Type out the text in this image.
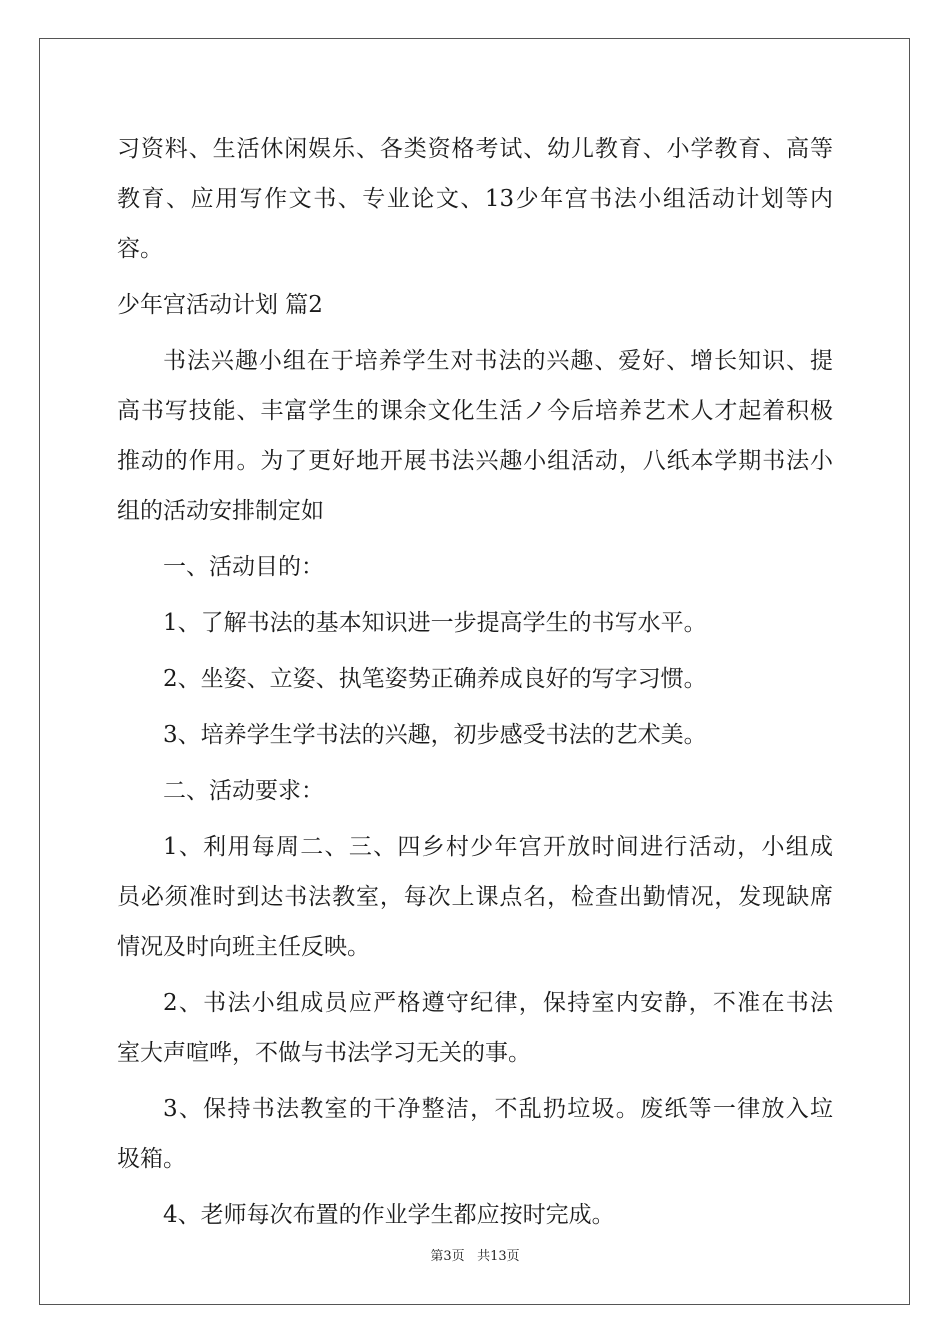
习资料、生活休闲娱乐、各类资格考试、幼儿教育、小学教育、高等
教育、应用写作文书、专业论文、13少年宫书法小组活动计划等内
容。
少年宫活动计划 篇2
书法兴趣小组在于培养学生对书法的兴趣、爱好、增长知识、提
高书写技能、丰富学生的课余文化生活ノ今后培养艺术人才起着积极
推动的作用。为了更好地开展书法兴趣小组活动，八纸本学期书法小
组的活动安排制定如
一、活动目的：
1、了解书法的基本知识进一步提高学生的书写水平。
2、坐姿、立姿、执笔姿势正确养成良好的写字习惯。
3、培养学生学书法的兴趣，初步感受书法的艺术美。
二、活动要求：
1、利用每周二、三、四乡村少年宫开放时间进行活动，小组成
员必须准时到达书法教室，每次上课点名，检查出勤情况，发现缺席
情况及时向班主任反映。
2、书法小组成员应严格遵守纪律，保持室内安静，不准在书法
室大声喧哗，不做与书法学习无关的事。
3、保持书法教室的干净整洁，不乱扔垃圾。废纸等一律放入垃
圾箱。
4、老师每次布置的作业学生都应按时完成。
第3页 共13页
